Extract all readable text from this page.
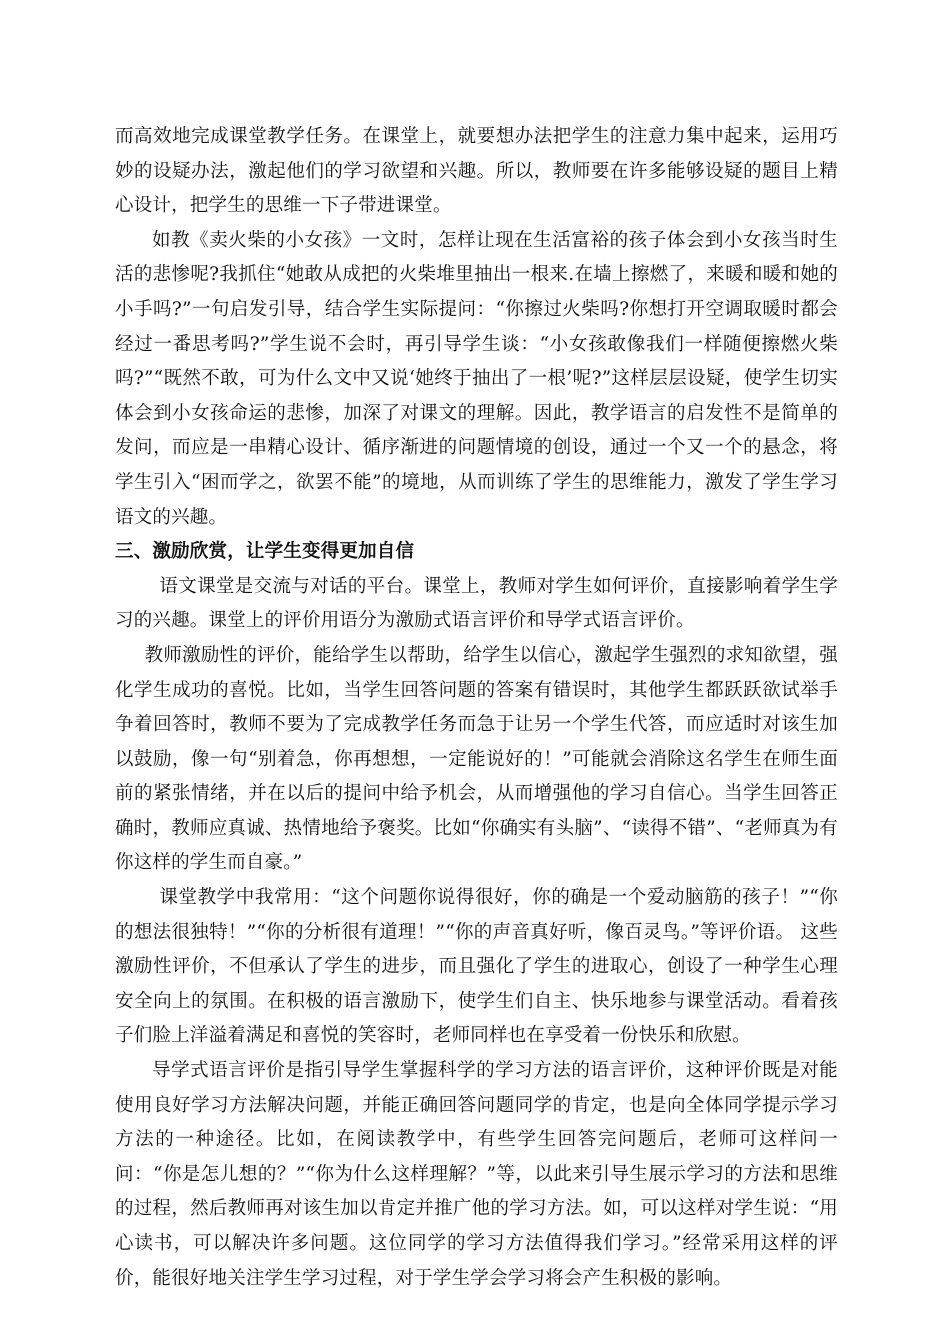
而高效地完成课堂教学任务。在课堂上，就要想办法把学生的注意力集中起来，运用巧妙的设疑办法，激起他们的学习欲望和兴趣。所以，教师要在许多能够设疑的题目上精心设计，把学生的思维一下子带进课堂。

如教《卖火柴的小女孩》一文时，怎样让现在生活富裕的孩子体会到小女孩当时生活的悲惨呢?我抓住“她敢从成把的火柴堆里抽出一根来.在墙上擦燃了，来暖和暖和她的小手吗?”一句启发引导，结合学生实际提问：“你擦过火柴吗?你想打开空调取暖时都会经过一番思考吗?”学生说不会时，再引导学生谈：“小女孩敢像我们一样随便擦燃火柴吗?”“既然不敢，可为什么文中又说‘她终于抽出了一根’呢?”这样层层设疑，使学生切实体会到小女孩命运的悲惨，加深了对课文的理解。因此，教学语言的启发性不是简单的发问，而应是一串精心设计、循序渐进的问题情境的创设，通过一个又一个的悬念，将学生引入“困而学之，欲罢不能”的境地，从而训练了学生的思维能力，激发了学生学习语文的兴趣。

三、激励欣赏，让学生变得更加自信

语文课堂是交流与对话的平台。课堂上，教师对学生如何评价，直接影响着学生学习的兴趣。课堂上的评价用语分为激励式语言评价和导学式语言评价。

教师激励性的评价，能给学生以帮助，给学生以信心，激起学生强烈的求知欲望，强化学生成功的喜悦。比如，当学生回答问题的答案有错误时，其他学生都跃跃欲试举手争着回答时，教师不要为了完成教学任务而急于让另一个学生代答，而应适时对该生加以鼓励，像一句“别着急，你再想想，一定能说好的！”可能就会消除这名学生在师生面前的紧张情绪，并在以后的提问中给予机会，从而增强他的学习自信心。当学生回答正确时，教师应真诚、热情地给予褒奖。比如“你确实有头脑”、“读得不错”、“老师真为有你这样的学生而自豪。”

课堂教学中我常用：“这个问题你说得很好，你的确是一个爱动脑筋的孩子！”“你的想法很独特！”“你的分析很有道理！”“你的声音真好听，像百灵鸟。”等评价语。 这些激励性评价，不但承认了学生的进步，而且强化了学生的进取心，创设了一种学生心理安全向上的氛围。在积极的语言激励下，使学生们自主、快乐地参与课堂活动。看着孩子们脸上洋溢着满足和喜悦的笑容时，老师同样也在享受着一份快乐和欣慰。

导学式语言评价是指引导学生掌握科学的学习方法的语言评价，这种评价既是对能使用良好学习方法解决问题，并能正确回答问题同学的肯定，也是向全体同学提示学习方法的一种途径。比如，在阅读教学中，有些学生回答完问题后，老师可这样问一问：“你是怎儿想的？”“你为什么这样理解？”等，以此来引导生展示学习的方法和思维的过程，然后教师再对该生加以肯定并推广他的学习方法。如，可以这样对学生说：“用心读书，可以解决许多问题。这位同学的学习方法值得我们学习。”经常采用这样的评价，能很好地关注学生学习过程，对于学生学会学习将会产生积极的影响。
